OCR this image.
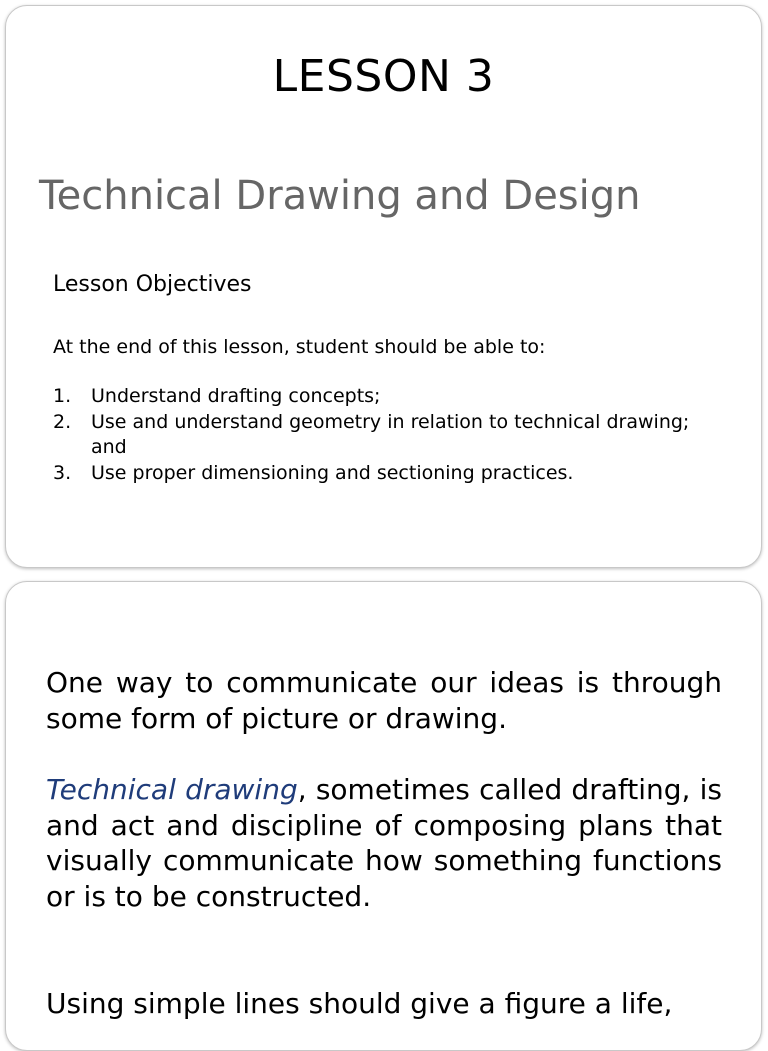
LESSON 3
Technical Drawing and Design

Lesson Objectives

At the end of this lesson, student should be able to:

1. Understand drafting concepts;
2. Use and understand geometry in relation to technical drawing; and
3. Use proper dimensioning and sectioning practices.

One way to communicate our ideas is through some form of picture or drawing.

Technical drawing, sometimes called drafting, is and act and discipline of composing plans that visually communicate how something functions or is to be constructed.

Using simple lines should give a figure a life,
